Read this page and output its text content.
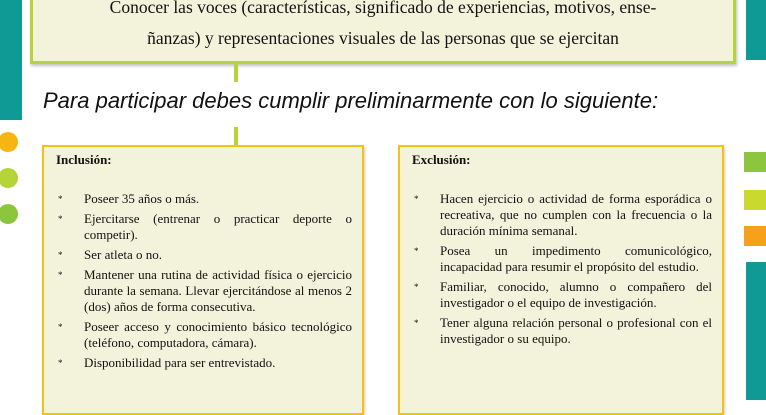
Conocer las voces (características, significado de experiencias, motivos, ense-

ñanzas) y representaciones visuales de las personas que se ejercitan

Para participar debes cumplir preliminarmente con lo siguiente:
Inclusión:
* Poseer 35 años o más.
* Ejercitarse (entrenar o practicar deporte o competir).
* Ser atleta o no.
* Mantener una rutina de actividad física o ejercicio durante la semana. Llevar ejercitándose al menos 2 (dos) años de forma consecutiva.
* Poseer acceso y conocimiento básico tecnológico (teléfono, computadora, cámara).
* Disponibilidad para ser entrevistado.
Exclusión:
* Hacen ejercicio o actividad de forma esporádica o recreativa, que no cumplen con la frecuencia o la duración mínima semanal.
* Posea un impedimento comunicológico, incapacidad para resumir el propósito del estudio.
* Familiar, conocido, alumno o compañero del investigador o el equipo de investigación.
* Tener alguna relación personal o profesional con el investigador o su equipo.
